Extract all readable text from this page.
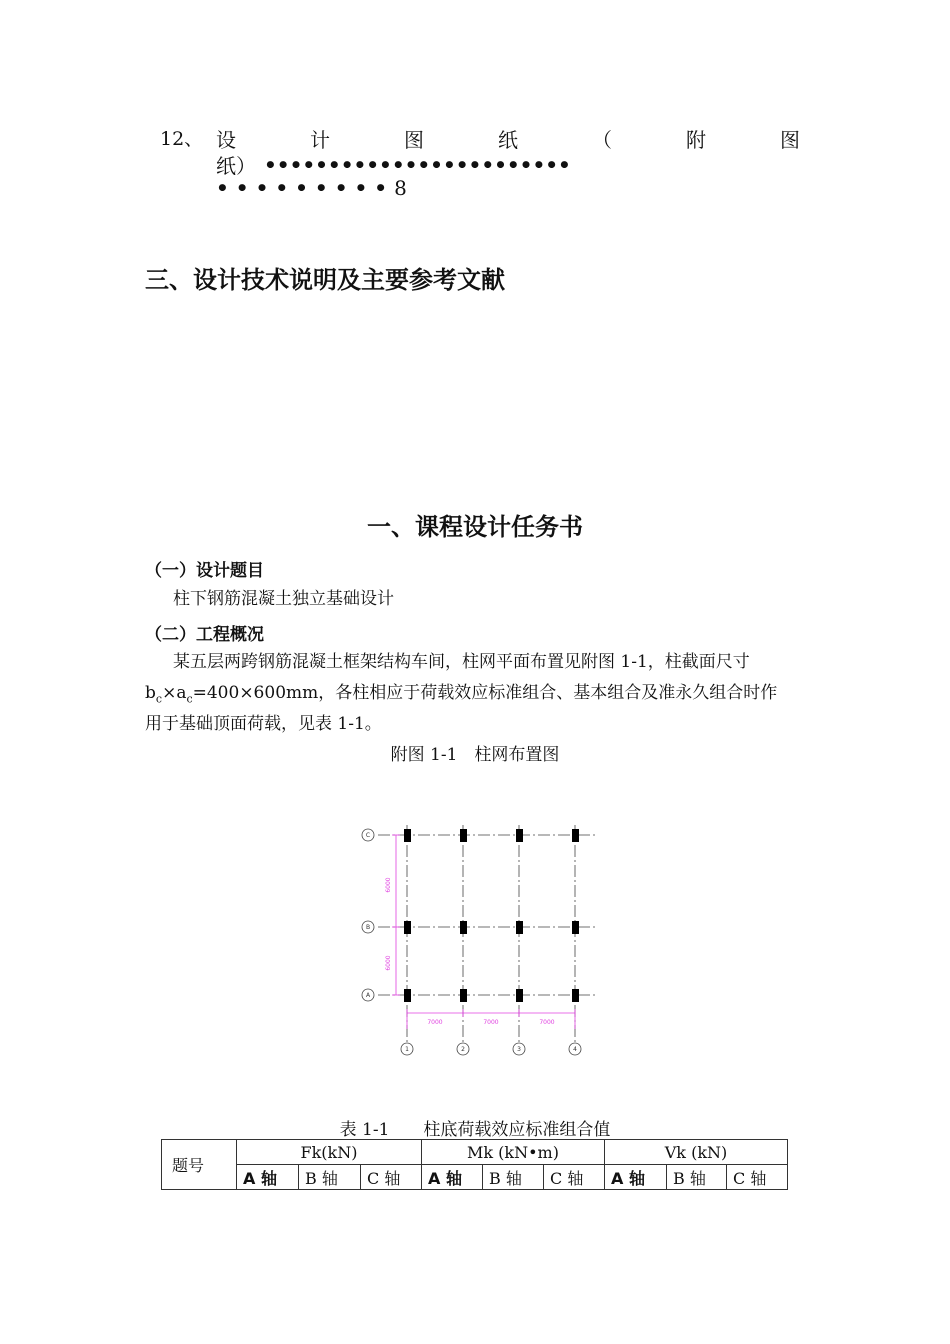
12、 设	计	图	纸	（	附	图
纸） ••••••••••••••••••••••••
••••••••• 8
三、设计技术说明及主要参考文献
一、课程设计任务书
（一）设计题目
柱下钢筋混凝土独立基础设计
（二）工程概况
某五层两跨钢筋混凝土框架结构车间，柱网平面布置见附图 1-1，柱截面尺寸
$b_c\times a_c=400\times 600mm$，各柱相应于荷载效应标准组合、基本组合及准永久组合时作
用于基础顶面荷载，见表 1-1。
附图 1-1　柱网布置图
6000
6000
7000	7000	7000
C
B
A
1	2	3	4
表 1-1　　柱底荷载效应标准组合值
题号	Fk(kN)			Mk (kN•m)			Vk (kN)		
	A 轴	B 轴	C 轴	A 轴	B 轴	C 轴	A 轴	B 轴	C 轴
